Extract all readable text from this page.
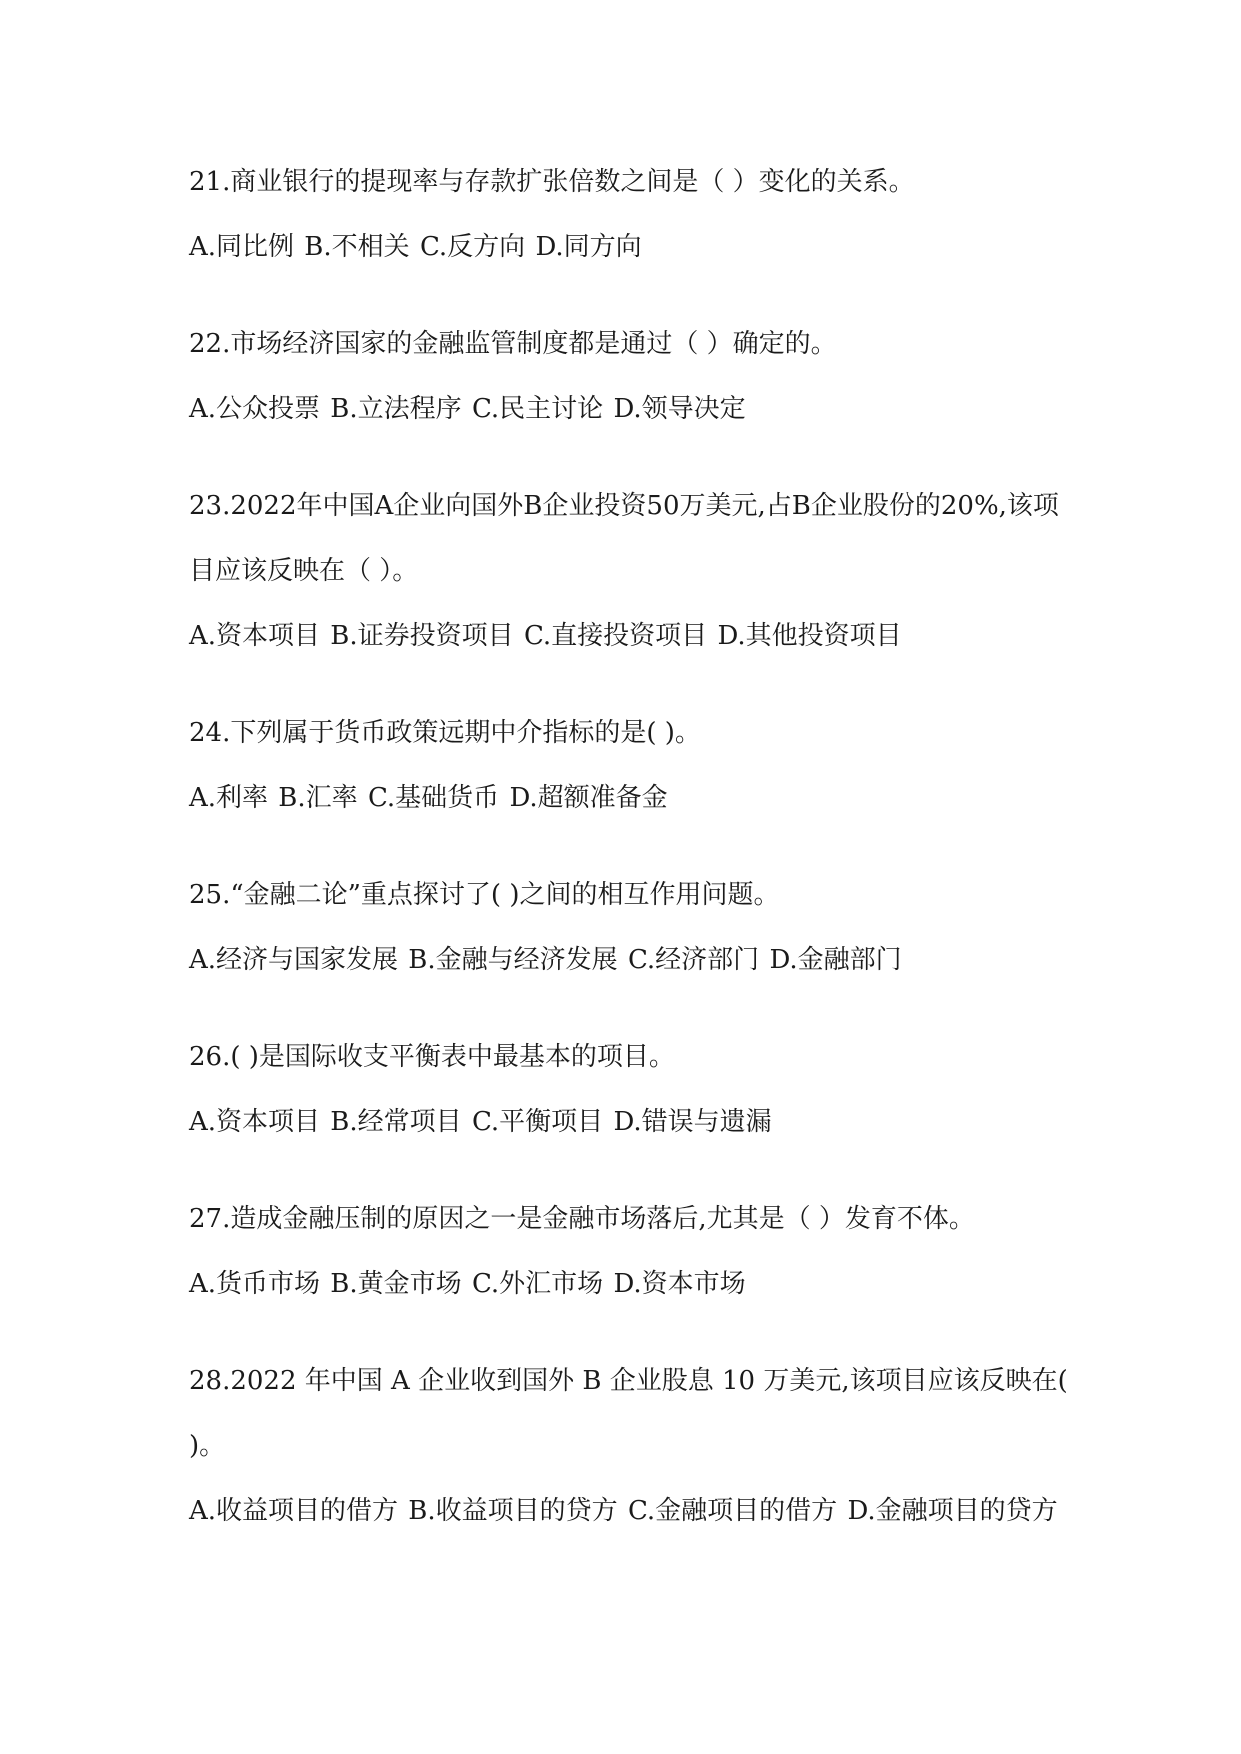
21.商业银行的提现率与存款扩张倍数之间是（ ）变化的关系。

A.同比例 B.不相关 C.反方向 D.同方向

22.市场经济国家的金融监管制度都是通过（ ）确定的。

A.公众投票 B.立法程序 C.民主讨论 D.领导决定

23.2022年中国A企业向国外B企业投资50万美元,占B企业股份的20%,该项目应该反映在（ ）。

A.资本项目 B.证券投资项目 C.直接投资项目 D.其他投资项目

24.下列属于货币政策远期中介指标的是( )。

A.利率 B.汇率 C.基础货币 D.超额准备金

25.“金融二论”重点探讨了( )之间的相互作用问题。

A.经济与国家发展 B.金融与经济发展 C.经济部门 D.金融部门

26.( )是国际收支平衡表中最基本的项目。

A.资本项目 B.经常项目 C.平衡项目 D.错误与遗漏

27.造成金融压制的原因之一是金融市场落后,尤其是（ ）发育不体。

A.货币市场 B.黄金市场 C.外汇市场 D.资本市场

28.2022 年中国 A 企业收到国外 B 企业股息 10 万美元,该项目应该反映在( )。

A.收益项目的借方 B.收益项目的贷方 C.金融项目的借方 D.金融项目的贷方
